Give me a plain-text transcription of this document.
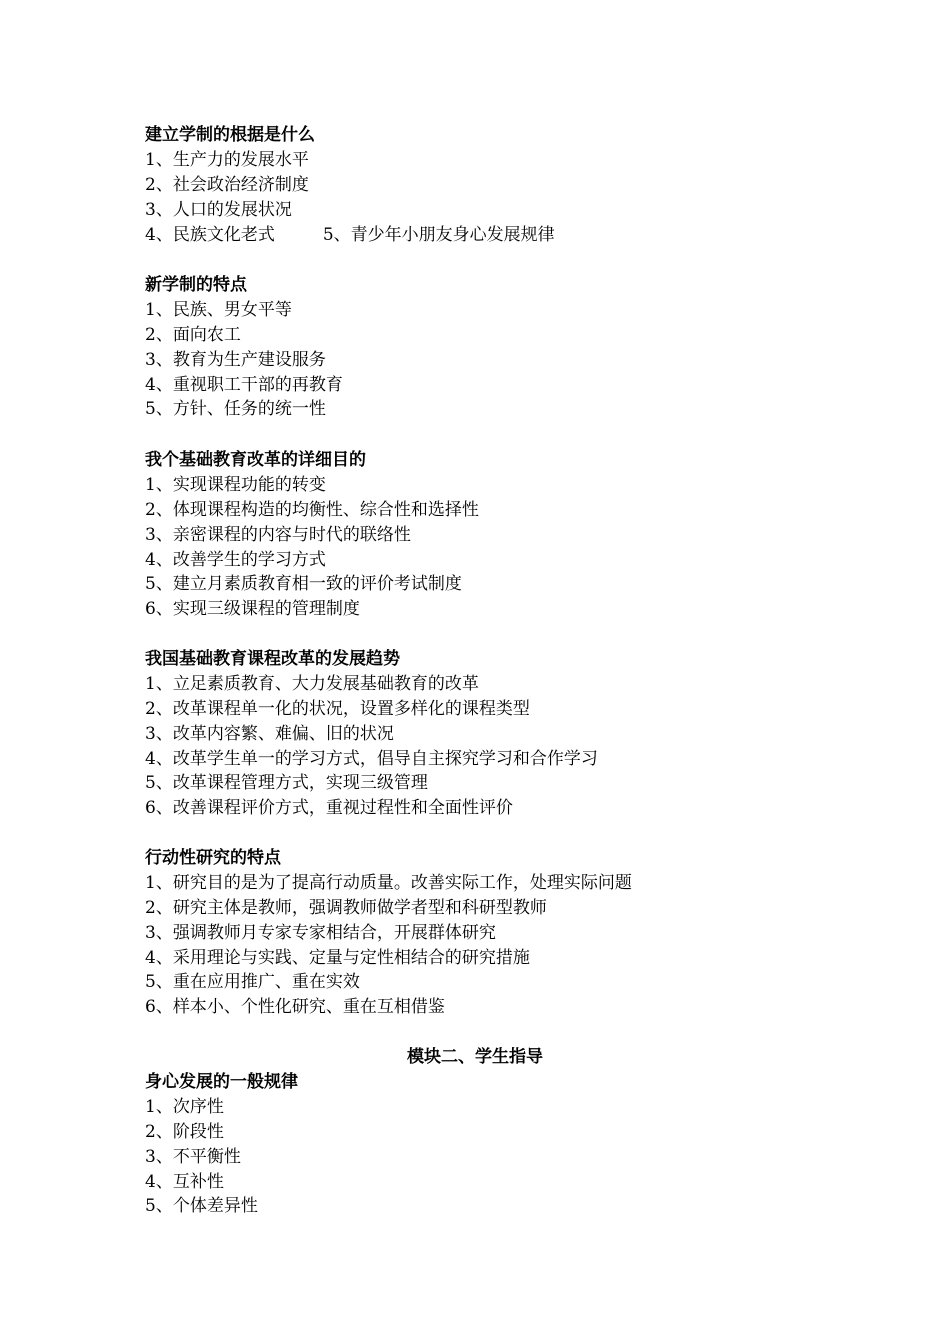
建立学制的根据是什么
1、生产力的发展水平
2、社会政治经济制度
3、人口的发展状况
4、民族文化老式	5、青少年小朋友身心发展规律
新学制的特点
1、民族、男女平等
2、面向农工
3、教育为生产建设服务
4、重视职工干部的再教育
5、方针、任务的统一性
我个基础教育改革的详细目的
1、实现课程功能的转变
2、体现课程构造的均衡性、综合性和选择性
3、亲密课程的内容与时代的联络性
4、改善学生的学习方式
5、建立月素质教育相一致的评价考试制度
6、实现三级课程的管理制度
我国基础教育课程改革的发展趋势
1、立足素质教育、大力发展基础教育的改革
2、改革课程单一化的状况，设置多样化的课程类型
3、改革内容繁、难偏、旧的状况
4、改革学生单一的学习方式，倡导自主探究学习和合作学习
5、改革课程管理方式，实现三级管理
6、改善课程评价方式，重视过程性和全面性评价
行动性研究的特点
1、研究目的是为了提高行动质量。改善实际工作，处理实际问题
2、研究主体是教师，强调教师做学者型和科研型教师
3、强调教师月专家专家相结合，开展群体研究
4、采用理论与实践、定量与定性相结合的研究措施
5、重在应用推广、重在实效
6、样本小、个性化研究、重在互相借鉴
模块二、学生指导
身心发展的一般规律
1、次序性
2、阶段性
3、不平衡性
4、互补性
5、个体差异性
